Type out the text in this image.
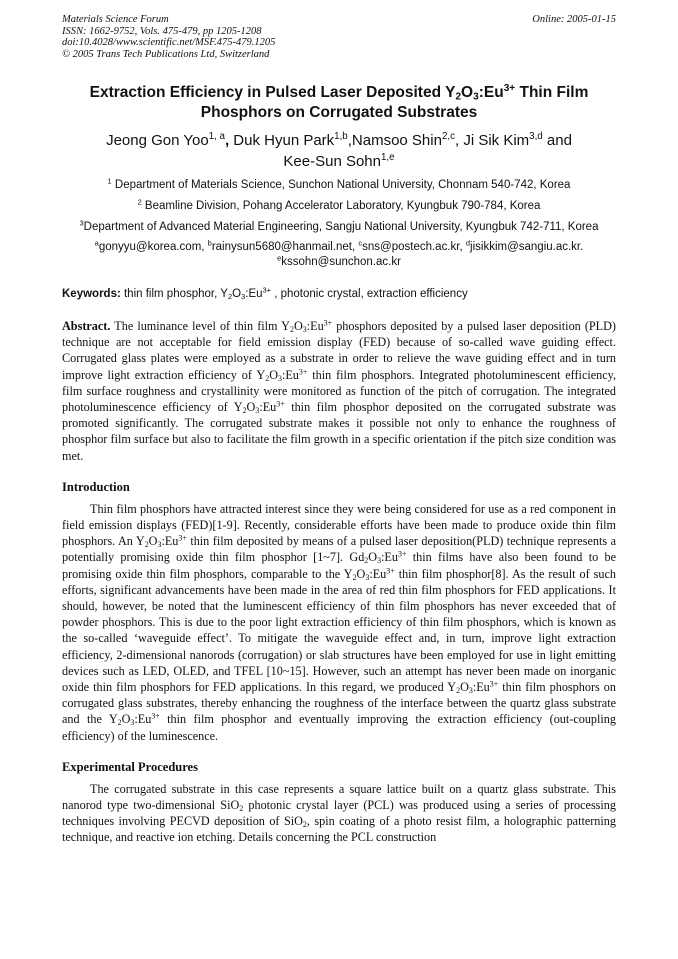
Materials Science Forum
ISSN: 1662-9752, Vols. 475-479, pp 1205-1208
doi:10.4028/www.scientific.net/MSF.475-479.1205
© 2005 Trans Tech Publications Ltd, Switzerland
Online: 2005-01-15
Extraction Efficiency in Pulsed Laser Deposited $Y_2O_3:Eu^{3+}$ Thin Film
Phosphors on Corrugated Substrates
Jeong Gon Yoo$^{1, a}$, Duk Hyun Park$^{1,b}$,Namsoo Shin$^{2,c}$, Ji Sik Kim$^{3,d}$ and
Kee-Sun Sohn$^{1,e}$
$^1$ Department of Materials Science, Sunchon National University, Chonnam 540-742, Korea
$^2$ Beamline Division, Pohang Accelerator Laboratory, Kyungbuk 790-784, Korea
$^3$Department of Advanced Material Engineering, Sangju National University, Kyungbuk 742-711, Korea
$^a$gonyyu@korea.com, $^b$rainysun5680@hanmail.net, $^c$sns@postech.ac.kr, $^d$jisikkim@sangiu.ac.kr.
$^e$kssohn@sunchon.ac.kr
Keywords: thin film phosphor, $Y_2O_3:Eu^{3+}$ , photonic crystal, extraction efficiency
Abstract. The luminance level of thin film $Y_2O_3:Eu^{3+}$ phosphors deposited by a pulsed laser deposition (PLD) technique are not acceptable for field emission display (FED) because of so-called wave guiding effect. Corrugated glass plates were employed as a substrate in order to relieve the wave guiding effect and in turn improve light extraction efficiency of $Y_2O_3:Eu^{3+}$ thin film phosphors. Integrated photoluminescent efficiency, film surface roughness and crystallinity were monitored as function of the pitch of corrugation. The integrated photoluminescence efficiency of $Y_2O_3:Eu^{3+}$ thin film phosphor deposited on the corrugated substrate was promoted significantly. The corrugated substrate makes it possible not only to enhance the roughness of phosphor film surface but also to facilitate the film growth in a specific orientation if the pitch size condition was met.
Introduction
Thin film phosphors have attracted interest since they were being considered for use as a red component in field emission displays (FED)[1-9]. Recently, considerable efforts have been made to produce oxide thin film phosphors. An $Y_2O_3:Eu^{3+}$ thin film deposited by means of a pulsed laser deposition(PLD) technique represents a potentially promising oxide thin film phosphor [1~7]. $Gd_2O_3:Eu^{3+}$ thin films have also been found to be promising oxide thin film phosphors, comparable to the $Y_2O_3:Eu^{3+}$ thin film phosphor[8]. As the result of such efforts, significant advancements have been made in the area of red thin film phosphors for FED applications. It should, however, be noted that the luminescent efficiency of thin film phosphors has never exceeded that of powder phosphors. This is due to the poor light extraction efficiency of thin film phosphors, which is known as the so-called ‘waveguide effect’. To mitigate the waveguide effect and, in turn, improve light extraction efficiency, 2-dimensional nanorods (corrugation) or slab structures have been employed for use in light emitting devices such as LED, OLED, and TFEL [10~15]. However, such an attempt has never been made on inorganic oxide thin film phosphors for FED applications. In this regard, we produced $Y_2O_3:Eu^{3+}$ thin film phosphors on corrugated glass substrates, thereby enhancing the roughness of the interface between the quartz glass substrate and the $Y_2O_3:Eu^{3+}$ thin film phosphor and eventually improving the extraction efficiency (out-coupling efficiency) of the luminescence.
Experimental Procedures
The corrugated substrate in this case represents a square lattice built on a quartz glass substrate. This nanorod type two-dimensional SiO$_2$ photonic crystal layer (PCL) was produced using a series of processing techniques involving PECVD deposition of SiO$_2$, spin coating of a photo resist film, a holographic patterning technique, and reactive ion etching. Details concerning the PCL construction
